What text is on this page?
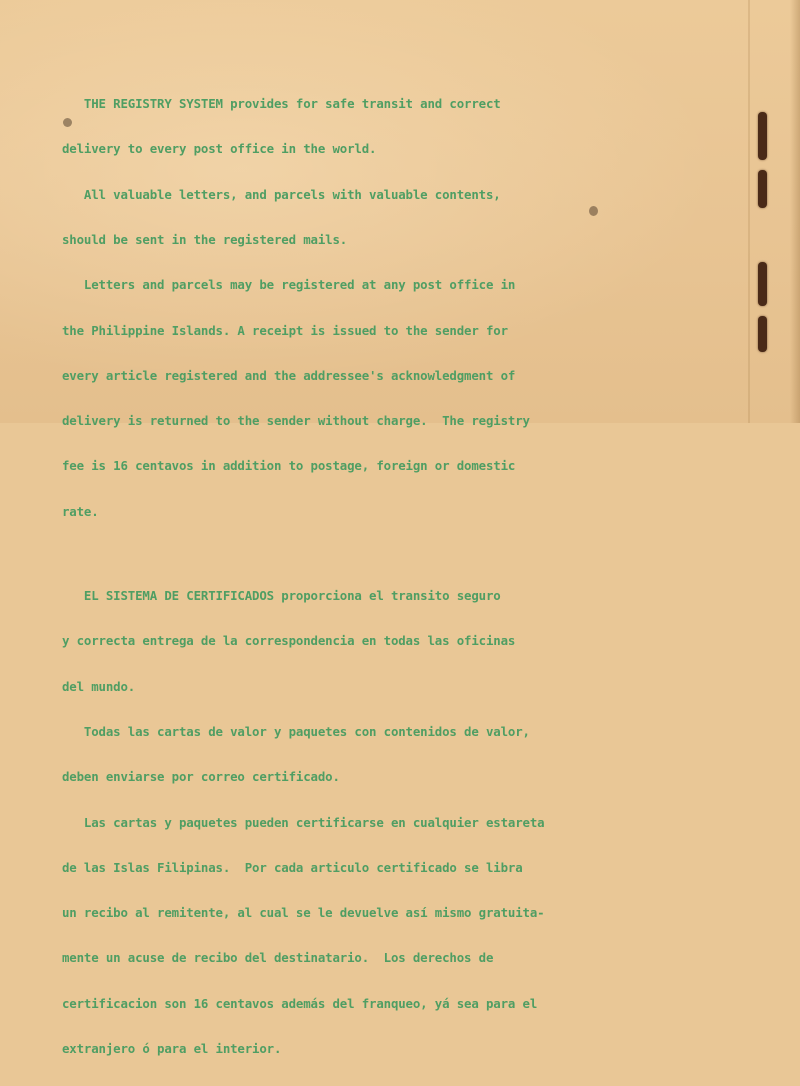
THE REGISTRY SYSTEM provides for safe transit and correct

delivery to every post office in the world.

All valuable letters, and parcels with valuable contents,

should be sent in the registered mails.

Letters and parcels may be registered at any post office in

the Philippine Islands. A receipt is issued to the sender for

every article registered and the addressee's acknowledgment of

delivery is returned to the sender without charge.  The registry

fee is 16 centavos in addition to postage, foreign or domestic

rate.

EL SISTEMA DE CERTIFICADOS proporciona el transito seguro

y correcta entrega de la correspondencia en todas las oficinas

del mundo.

Todas las cartas de valor y paquetes con contenidos de valor,

deben enviarse por correo certificado.

Las cartas y paquetes pueden certificarse en cualquier estareta

de las Islas Filipinas.  Por cada articulo certificado se libra

un recibo al remitente, al cual se le devuelve así mismo gratuita-

mente un acuse de recibo del destinatario.  Los derechos de

certificacion son 16 centavos además del franqueo, yá sea para el

extranjero ó para el interior.
